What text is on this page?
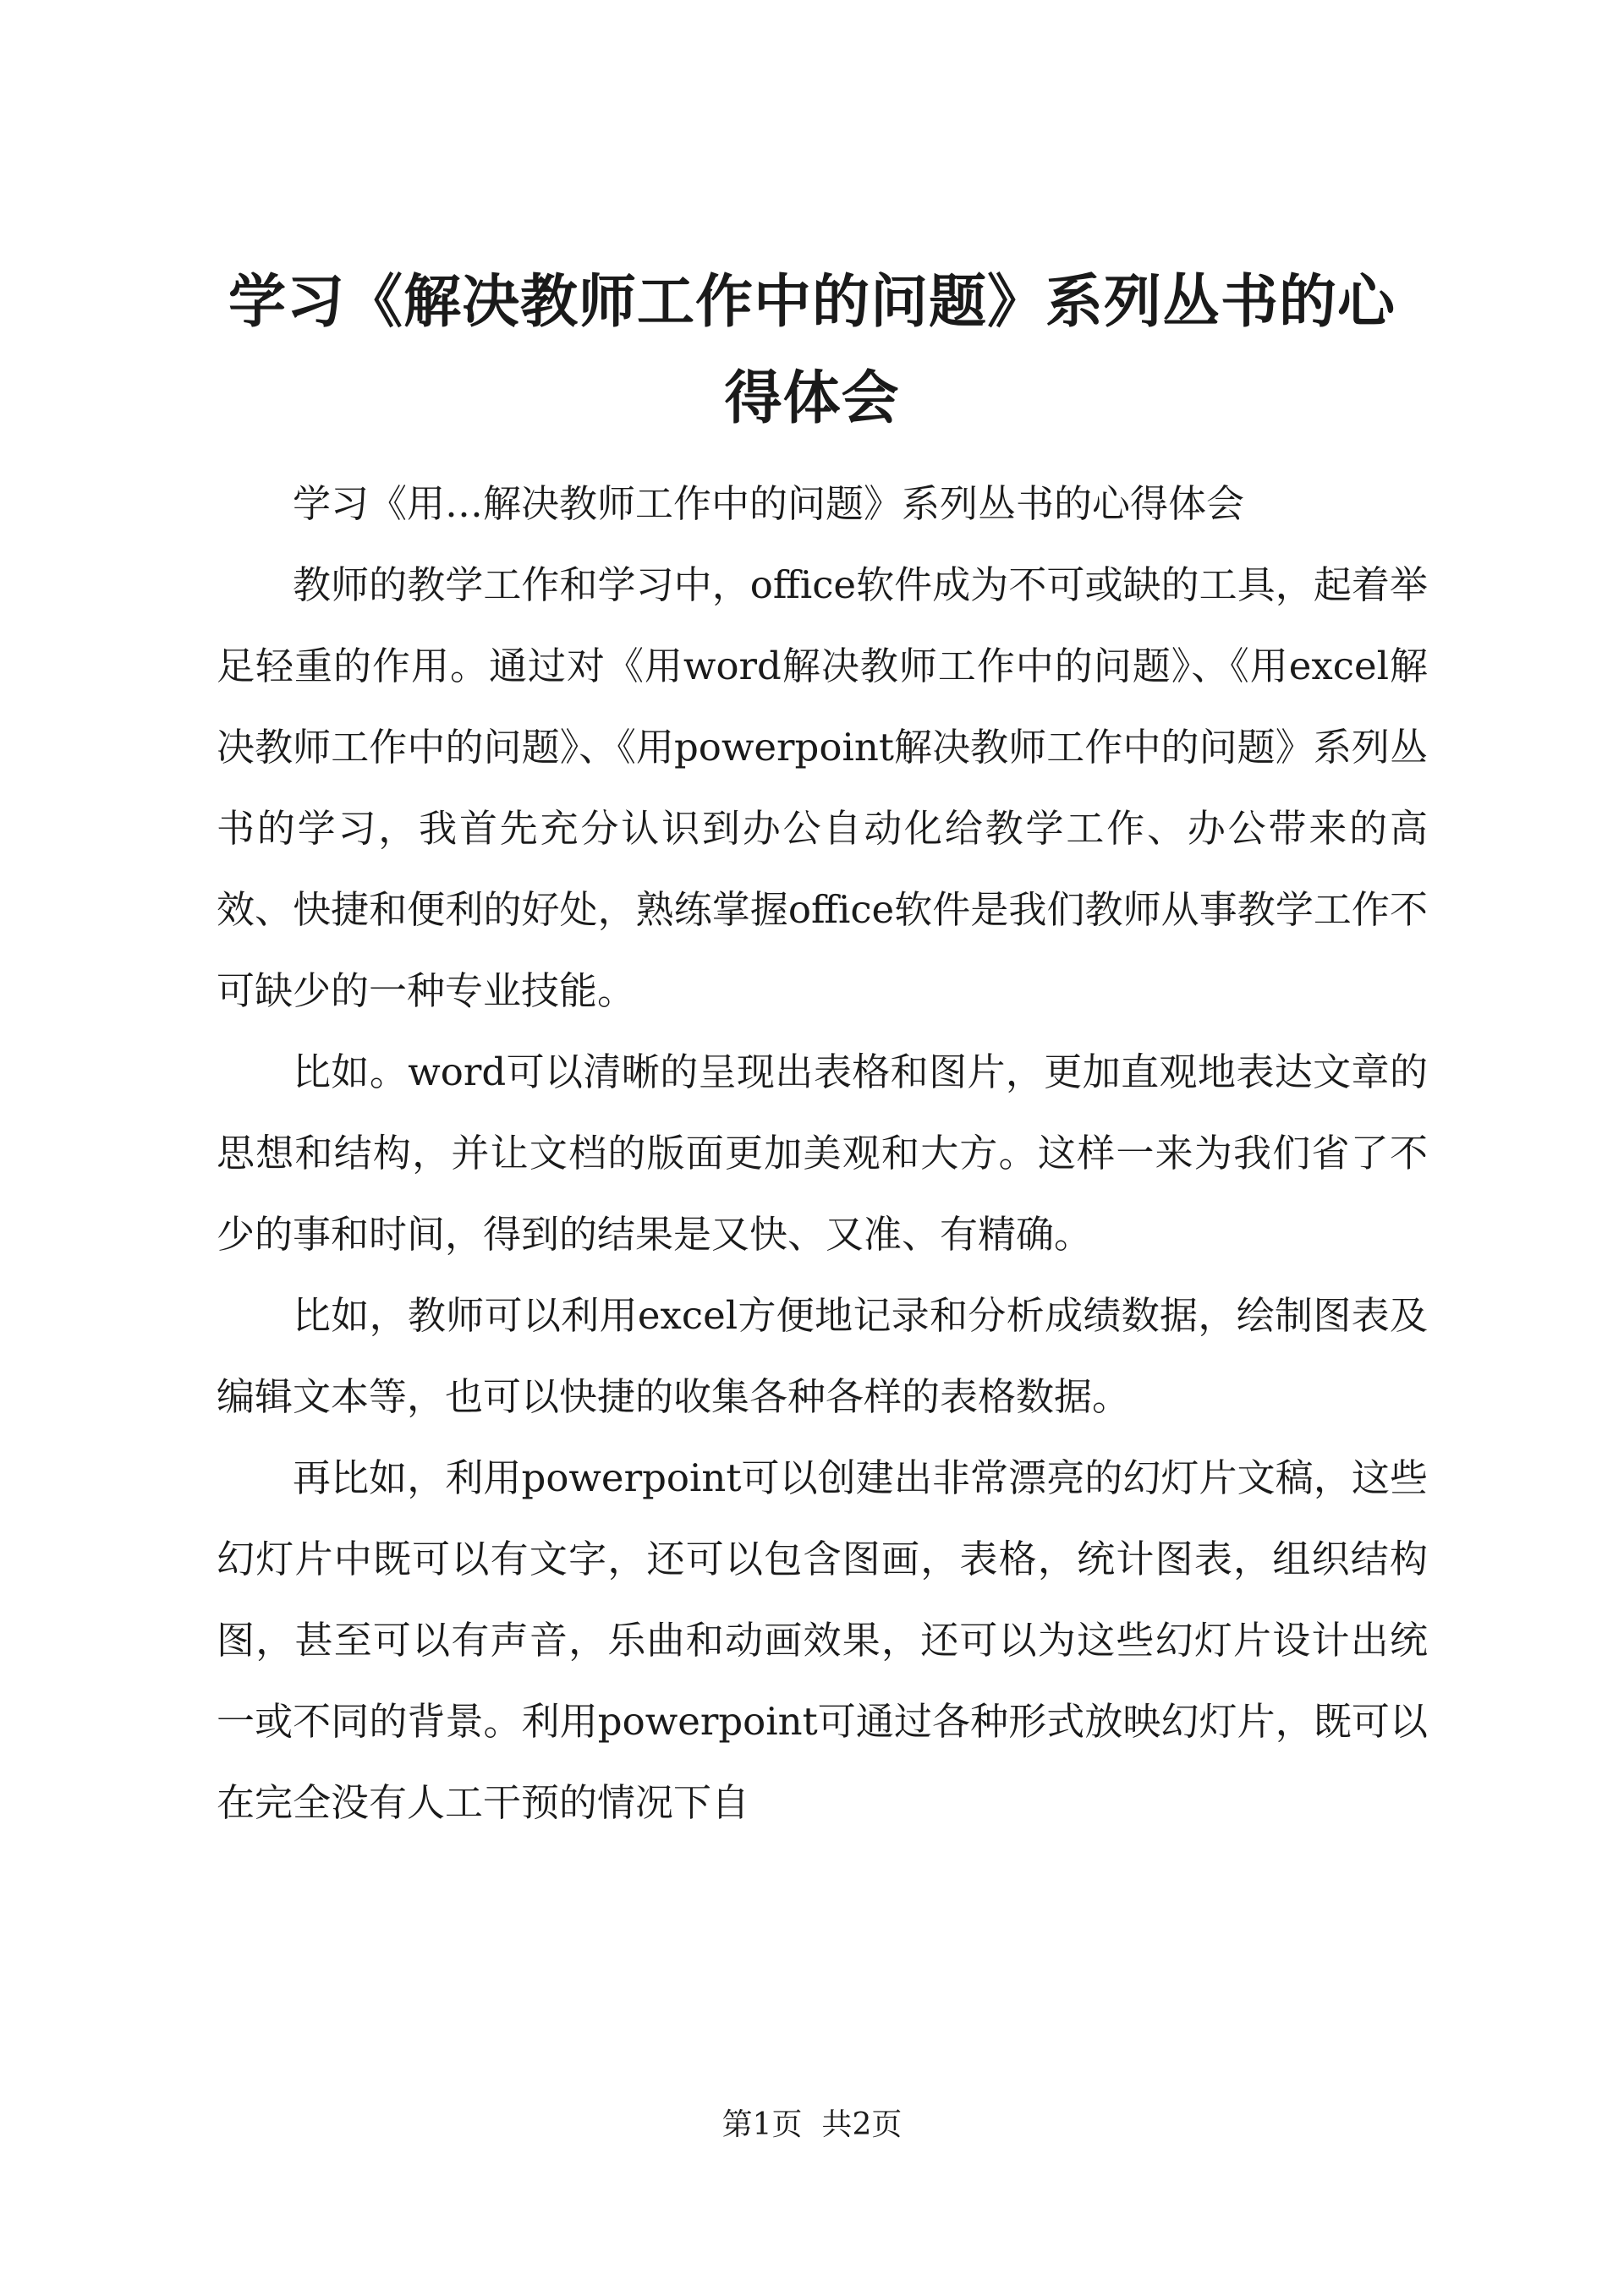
学习《解决教师工作中的问题》系列丛书的心得体会

学习《用…解决教师工作中的问题》系列丛书的心得体会

教师的教学工作和学习中，office软件成为不可或缺的工具，起着举足轻重的作用。通过对《用word解决教师工作中的问题》、《用excel解决教师工作中的问题》、《用powerpoint解决教师工作中的问题》系列丛书的学习，我首先充分认识到办公自动化给教学工作、办公带来的高效、快捷和便利的好处，熟练掌握office软件是我们教师从事教学工作不可缺少的一种专业技能。

比如。word可以清晰的呈现出表格和图片，更加直观地表达文章的思想和结构，并让文档的版面更加美观和大方。这样一来为我们省了不少的事和时间，得到的结果是又快、又准、有精确。

比如，教师可以利用excel方便地记录和分析成绩数据，绘制图表及编辑文本等，也可以快捷的收集各种各样的表格数据。

再比如，利用powerpoint可以创建出非常漂亮的幻灯片文稿，这些幻灯片中既可以有文字，还可以包含图画，表格，统计图表，组织结构图，甚至可以有声音，乐曲和动画效果，还可以为这些幻灯片设计出统一或不同的背景。利用powerpoint可通过各种形式放映幻灯片，既可以在完全没有人工干预的情况下自

第1页  共2页
